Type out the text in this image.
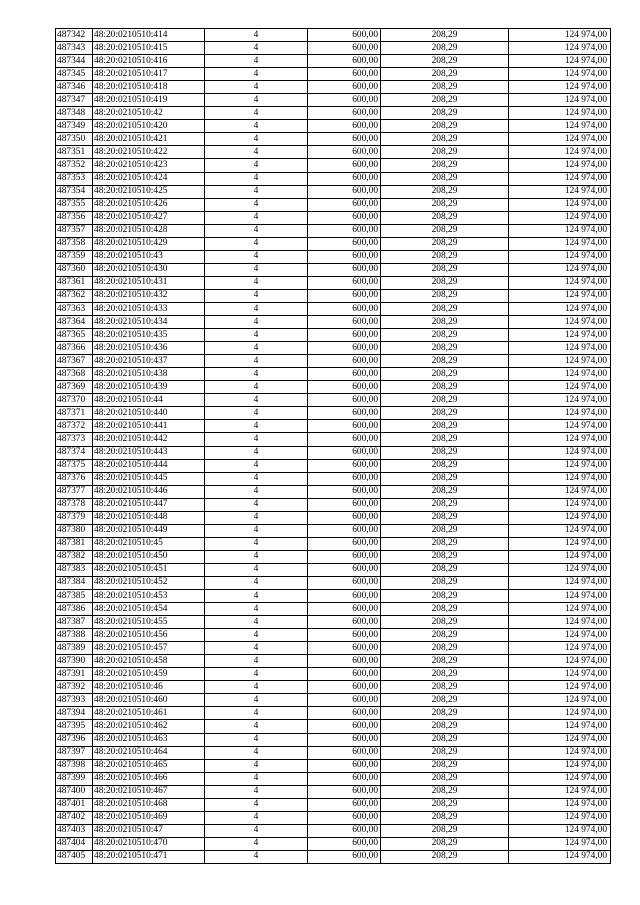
487342	48:20:0210510:414	4	600,00	208,29	124 974,00
487343	48:20:0210510:415	4	600,00	208,29	124 974,00
487344	48:20:0210510:416	4	600,00	208,29	124 974,00
487345	48:20:0210510:417	4	600,00	208,29	124 974,00
487346	48:20:0210510:418	4	600,00	208,29	124 974,00
487347	48:20:0210510:419	4	600,00	208,29	124 974,00
487348	48:20:0210510:42	4	600,00	208,29	124 974,00
487349	48:20:0210510:420	4	600,00	208,29	124 974,00
487350	48:20:0210510:421	4	600,00	208,29	124 974,00
487351	48:20:0210510:422	4	600,00	208,29	124 974,00
487352	48:20:0210510:423	4	600,00	208,29	124 974,00
487353	48:20:0210510:424	4	600,00	208,29	124 974,00
487354	48:20:0210510:425	4	600,00	208,29	124 974,00
487355	48:20:0210510:426	4	600,00	208,29	124 974,00
487356	48:20:0210510:427	4	600,00	208,29	124 974,00
487357	48:20:0210510:428	4	600,00	208,29	124 974,00
487358	48:20:0210510:429	4	600,00	208,29	124 974,00
487359	48:20:0210510:43	4	600,00	208,29	124 974,00
487360	48:20:0210510:430	4	600,00	208,29	124 974,00
487361	48:20:0210510:431	4	600,00	208,29	124 974,00
487362	48:20:0210510:432	4	600,00	208,29	124 974,00
487363	48:20:0210510:433	4	600,00	208,29	124 974,00
487364	48:20:0210510:434	4	600,00	208,29	124 974,00
487365	48:20:0210510:435	4	600,00	208,29	124 974,00
487366	48:20:0210510:436	4	600,00	208,29	124 974,00
487367	48:20:0210510:437	4	600,00	208,29	124 974,00
487368	48:20:0210510:438	4	600,00	208,29	124 974,00
487369	48:20:0210510:439	4	600,00	208,29	124 974,00
487370	48:20:0210510:44	4	600,00	208,29	124 974,00
487371	48:20:0210510:440	4	600,00	208,29	124 974,00
487372	48:20:0210510:441	4	600,00	208,29	124 974,00
487373	48:20:0210510:442	4	600,00	208,29	124 974,00
487374	48:20:0210510:443	4	600,00	208,29	124 974,00
487375	48:20:0210510:444	4	600,00	208,29	124 974,00
487376	48:20:0210510:445	4	600,00	208,29	124 974,00
487377	48:20:0210510:446	4	600,00	208,29	124 974,00
487378	48:20:0210510:447	4	600,00	208,29	124 974,00
487379	48:20:0210510:448	4	600,00	208,29	124 974,00
487380	48:20:0210510:449	4	600,00	208,29	124 974,00
487381	48:20:0210510:45	4	600,00	208,29	124 974,00
487382	48:20:0210510:450	4	600,00	208,29	124 974,00
487383	48:20:0210510:451	4	600,00	208,29	124 974,00
487384	48:20:0210510:452	4	600,00	208,29	124 974,00
487385	48:20:0210510:453	4	600,00	208,29	124 974,00
487386	48:20:0210510:454	4	600,00	208,29	124 974,00
487387	48:20:0210510:455	4	600,00	208,29	124 974,00
487388	48:20:0210510:456	4	600,00	208,29	124 974,00
487389	48:20:0210510:457	4	600,00	208,29	124 974,00
487390	48:20:0210510:458	4	600,00	208,29	124 974,00
487391	48:20:0210510:459	4	600,00	208,29	124 974,00
487392	48:20:0210510:46	4	600,00	208,29	124 974,00
487393	48:20:0210510:460	4	600,00	208,29	124 974,00
487394	48:20:0210510:461	4	600,00	208,29	124 974,00
487395	48:20:0210510:462	4	600,00	208,29	124 974,00
487396	48:20:0210510:463	4	600,00	208,29	124 974,00
487397	48:20:0210510:464	4	600,00	208,29	124 974,00
487398	48:20:0210510:465	4	600,00	208,29	124 974,00
487399	48:20:0210510:466	4	600,00	208,29	124 974,00
487400	48:20:0210510:467	4	600,00	208,29	124 974,00
487401	48:20:0210510:468	4	600,00	208,29	124 974,00
487402	48:20:0210510:469	4	600,00	208,29	124 974,00
487403	48:20:0210510:47	4	600,00	208,29	124 974,00
487404	48:20:0210510:470	4	600,00	208,29	124 974,00
487405	48:20:0210510:471	4	600,00	208,29	124 974,00
